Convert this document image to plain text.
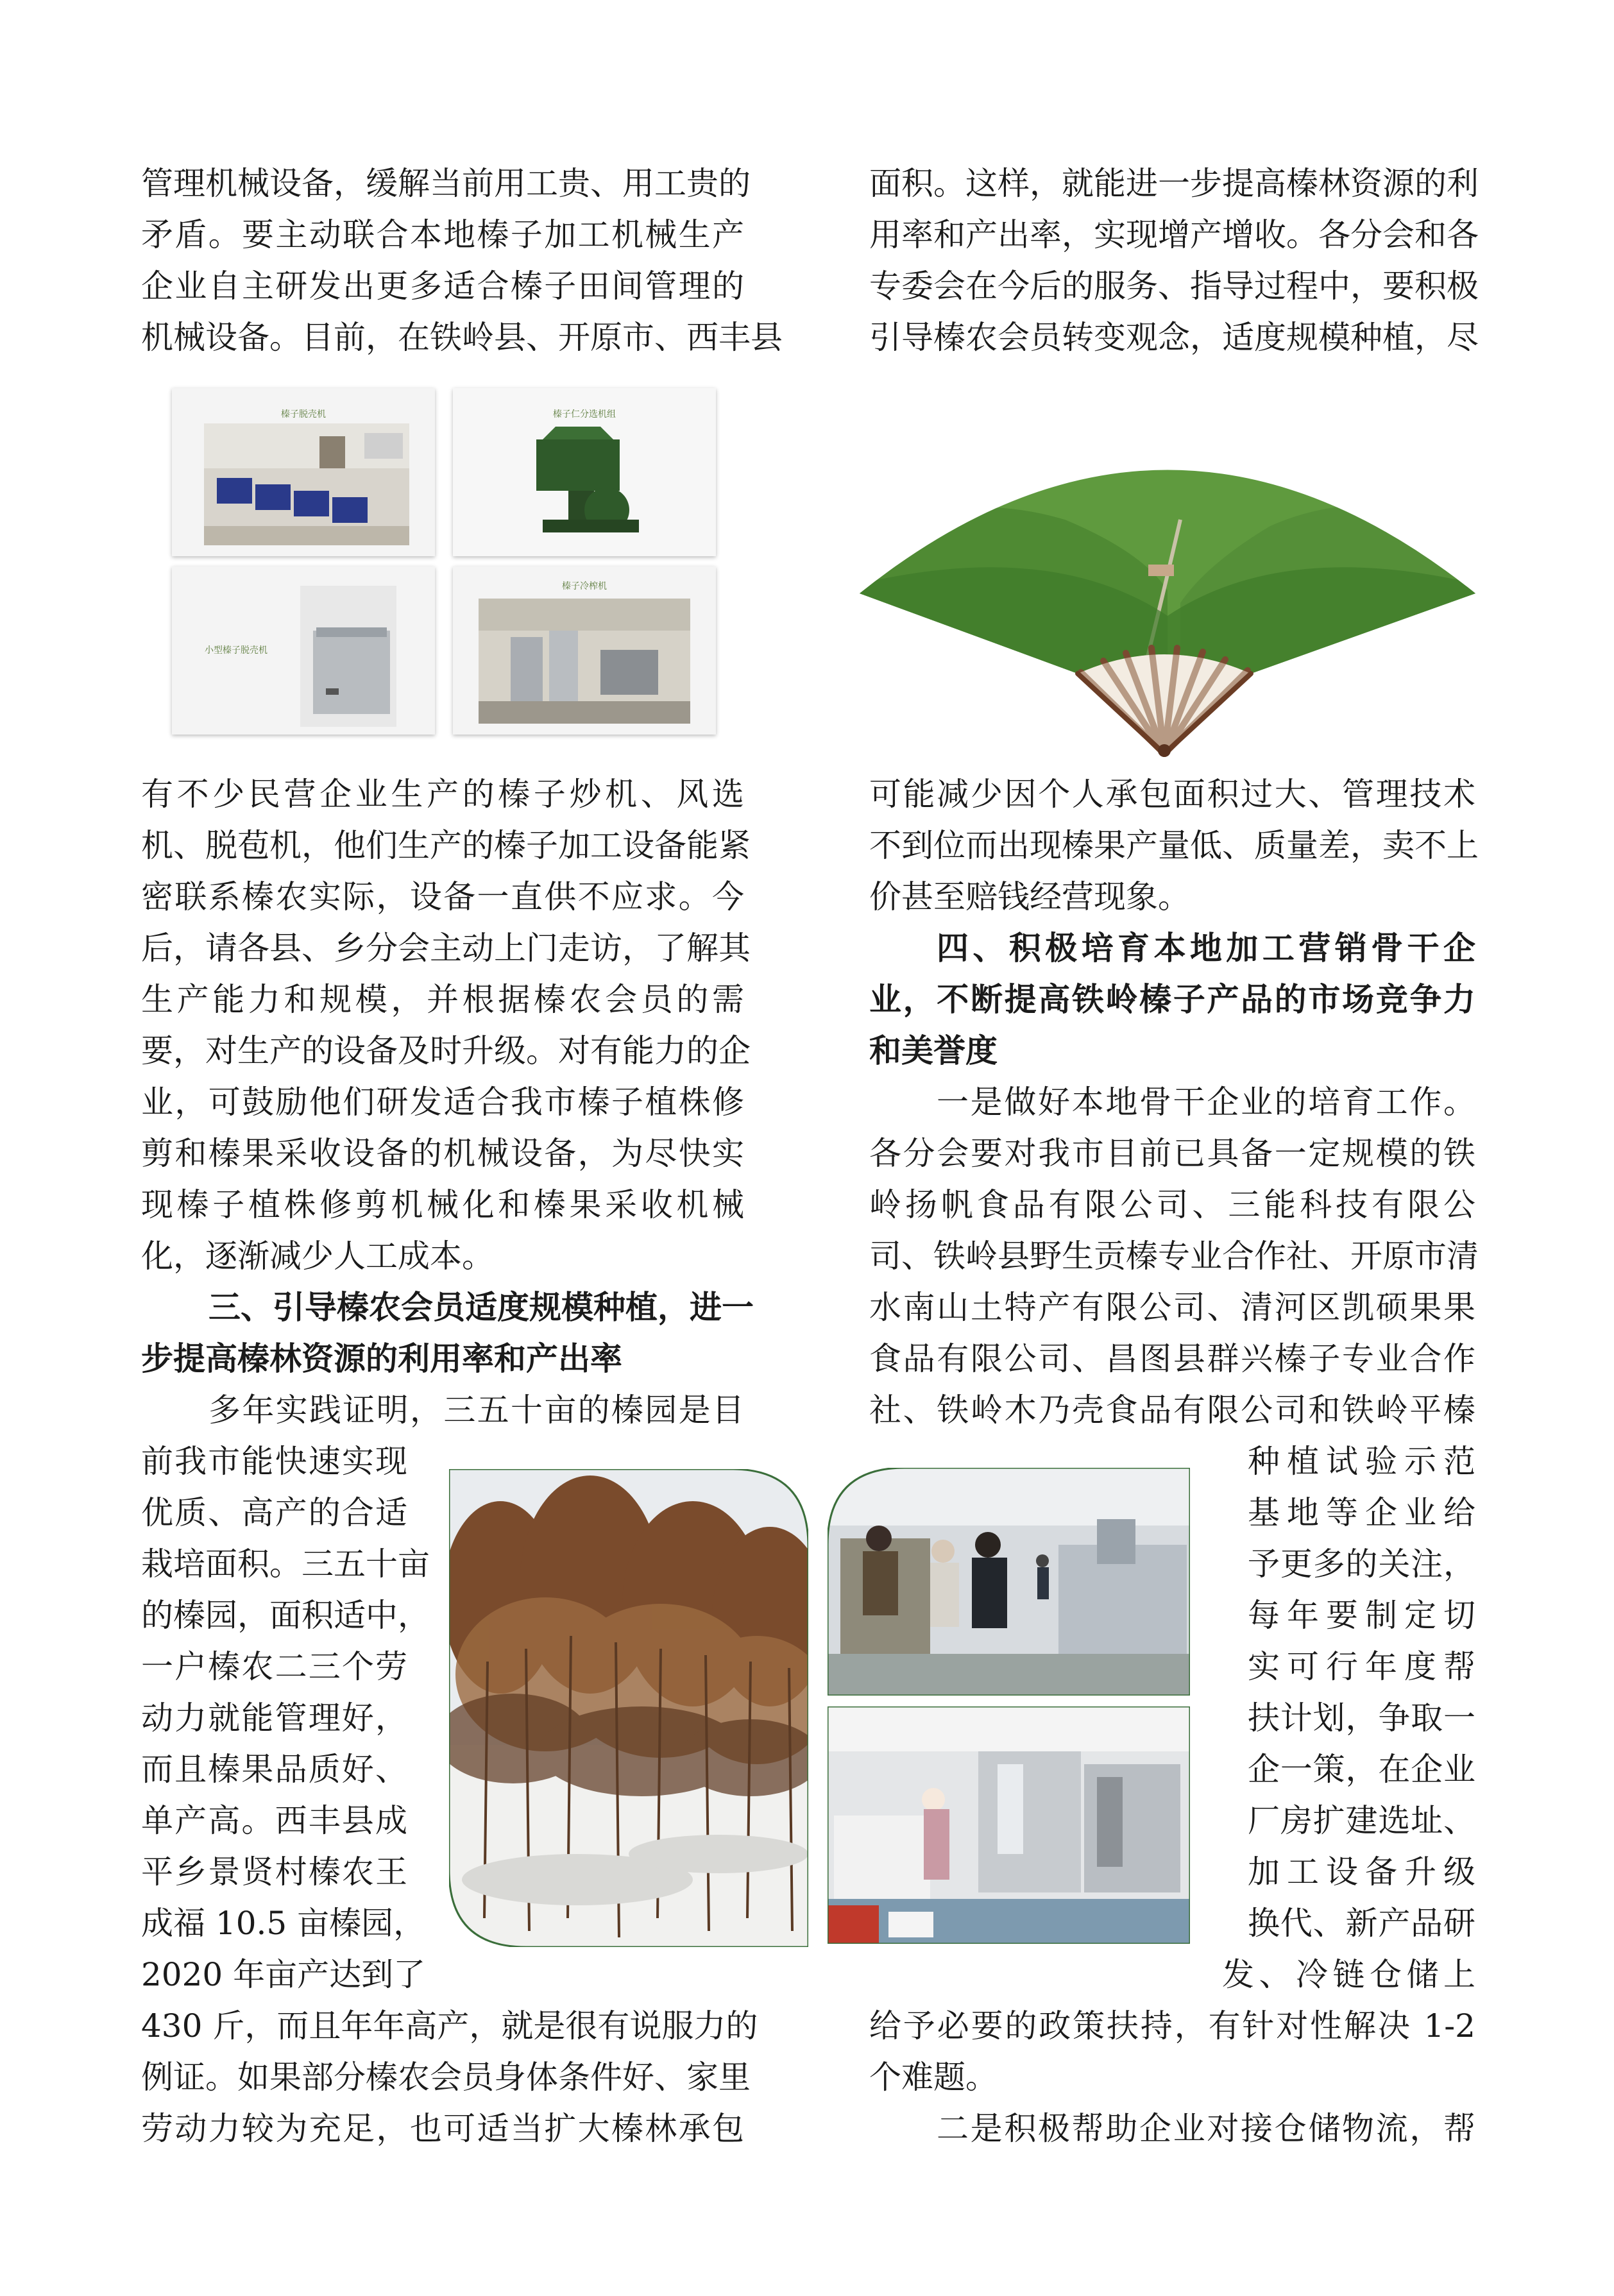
管理机械设备，缓解当前用工贵、用工贵的
矛盾。要主动联合本地榛子加工机械生产
企业自主研发出更多适合榛子田间管理的
机械设备。目前，在铁岭县、开原市、西丰县
榛子脱壳机	榛子仁分选机组
小型榛子脱壳机
榛子冷榨机
有不少民营企业生产的榛子炒机、风选
机、脱苞机，他们生产的榛子加工设备能紧
密联系榛农实际，设备一直供不应求。今
后，请各县、乡分会主动上门走访，了解其
生产能力和规模，并根据榛农会员的需
要，对生产的设备及时升级。对有能力的企
业，可鼓励他们研发适合我市榛子植株修
剪和榛果采收设备的机械设备，为尽快实
现榛子植株修剪机械化和榛果采收机械
化，逐渐减少人工成本。
三、引导榛农会员适度规模种植，进一
步提高榛林资源的利用率和产出率
多年实践证明，三五十亩的榛园是目
前我市能快速实现
优质、高产的合适
栽培面积。三五十亩
的榛园，面积适中，
一户榛农二三个劳
动力就能管理好，
而且榛果品质好、
单产高。西丰县成
平乡景贤村榛农王
成福 10.5 亩榛园，
2020 年亩产达到了
430 斤，而且年年高产，就是很有说服力的
例证。如果部分榛农会员身体条件好、家里
劳动力较为充足，也可适当扩大榛林承包
面积。这样，就能进一步提高榛林资源的利
用率和产出率，实现增产增收。各分会和各
专委会在今后的服务、指导过程中，要积极
引导榛农会员转变观念，适度规模种植，尽
可能减少因个人承包面积过大、管理技术
不到位而出现榛果产量低、质量差，卖不上
价甚至赔钱经营现象。
四、积极培育本地加工营销骨干企
业，不断提高铁岭榛子产品的市场竞争力
和美誉度
一是做好本地骨干企业的培育工作。
各分会要对我市目前已具备一定规模的铁
岭扬帆食品有限公司、三能科技有限公
司、铁岭县野生贡榛专业合作社、开原市清
水南山土特产有限公司、清河区凯硕果果
食品有限公司、昌图县群兴榛子专业合作
社、铁岭木乃壳食品有限公司和铁岭平榛
种植试验示范
基地等企业给
予更多的关注，
每年要制定切
实可行年度帮
扶计划，争取一
企一策，在企业
厂房扩建选址、
加工设备升级
换代、新产品研
发、冷链仓储上
给予必要的政策扶持，有针对性解决 1-2
个难题。
二是积极帮助企业对接仓储物流，帮
